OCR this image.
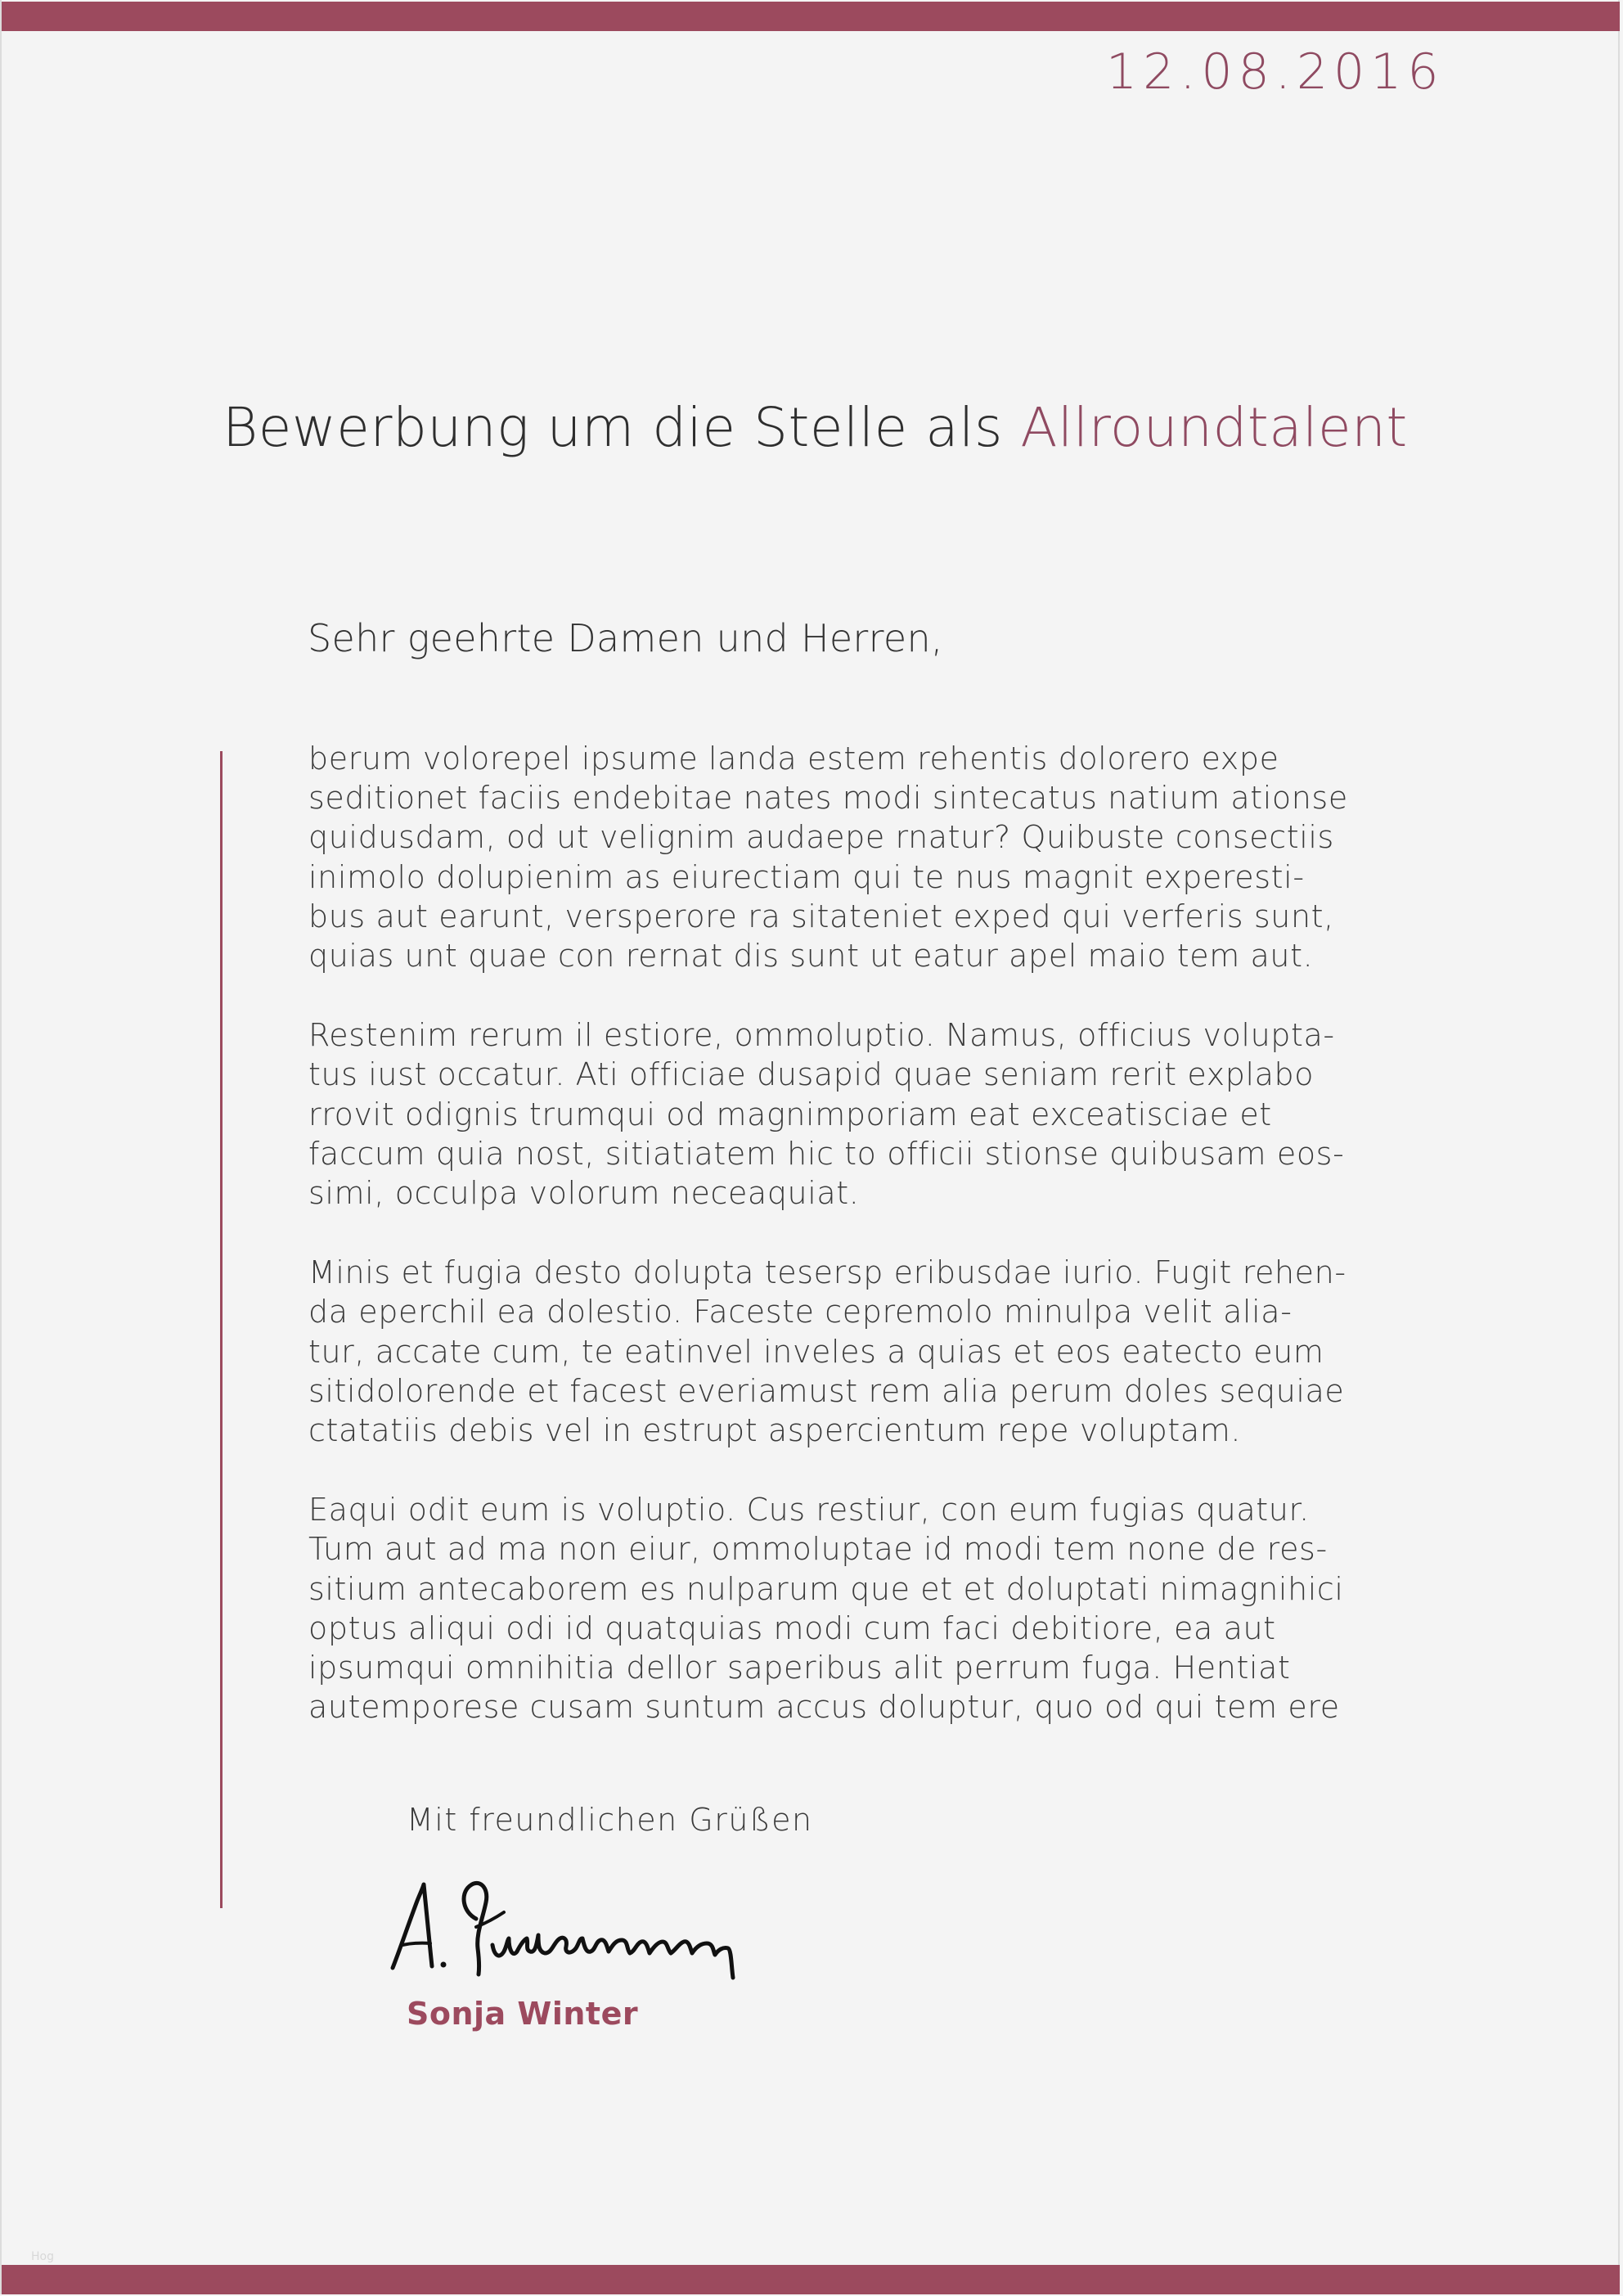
12.08.2016
Bewerbung um die Stelle als Allroundtalent
Sehr geehrte Damen und Herren,
berum volorepel ipsume landa estem rehentis dolorero expe
seditionet faciis endebitae nates modi sintecatus natium ationse
quidusdam, od ut velignim audaepe rnatur? Quibuste consectiis
inimolo dolupienim as eiurectiam qui te nus magnit experesti-
bus aut earunt, versperore ra sitateniet exped qui verferis sunt,
quias unt quae con rernat dis sunt ut eatur apel maio tem aut.
Restenim rerum il estiore, ommoluptio. Namus, officius volupta-
tus iust occatur. Ati officiae dusapid quae seniam rerit explabo
rrovit odignis trumqui od magnimporiam eat exceatisciae et
faccum quia nost, sitiatiatem hic to officii stionse quibusam eos-
simi, occulpa volorum neceaquiat.
Minis et fugia desto dolupta tesersp eribusdae iurio. Fugit rehen-
da eperchil ea dolestio. Faceste cepremolo minulpa velit alia-
tur, accate cum, te eatinvel inveles a quias et eos eatecto eum
sitidolorende et facest everiamust rem alia perum doles sequiae
ctatatiis debis vel in estrupt aspercientum repe voluptam.
Eaqui odit eum is voluptio. Cus restiur, con eum fugias quatur.
Tum aut ad ma non eiur, ommoluptae id modi tem none de res-
sitium antecaborem es nulparum que et et doluptati nimagnihici
optus aliqui odi id quatquias modi cum faci debitiore, ea aut
ipsumqui omnihitia dellor saperibus alit perrum fuga. Hentiat
autemporese cusam suntum accus doluptur, quo od qui tem ere
Mit freundlichen Grüßen
Sonja Winter
Hog
